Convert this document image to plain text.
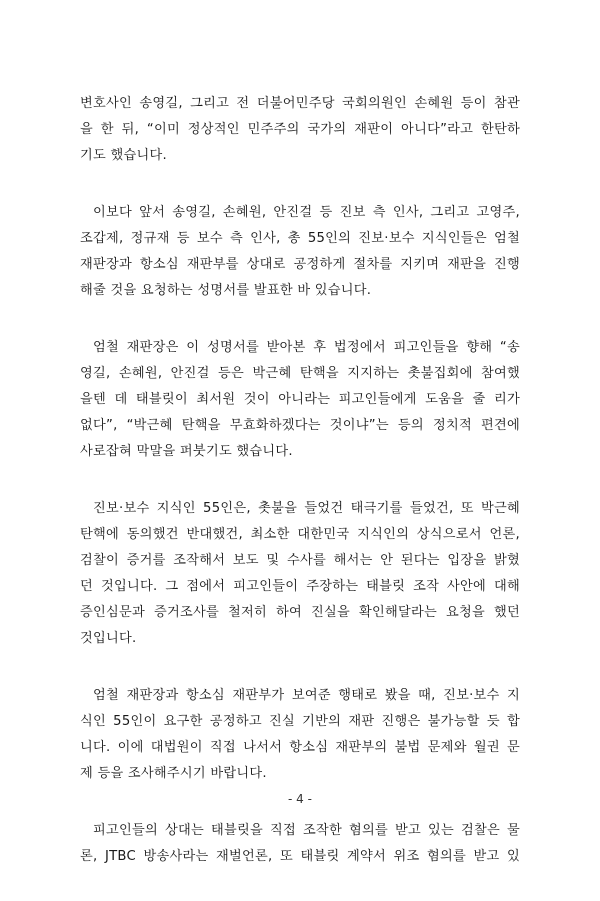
변호사인 송영길, 그리고 전 더불어민주당 국회의원인 손혜원 등이 참관
을 한 뒤, “이미 정상적인 민주주의 국가의 재판이 아니다”라고 한탄하
기도 했습니다.

이보다 앞서 송영길, 손혜원, 안진걸 등 진보 측 인사, 그리고 고영주,
조갑제, 정규재 등 보수 측 인사, 총 55인의 진보·보수 지식인들은 엄철
재판장과 항소심 재판부를 상대로 공정하게 절차를 지키며 재판을 진행
해줄 것을 요청하는 성명서를 발표한 바 있습니다.

엄철 재판장은 이 성명서를 받아본 후 법정에서 피고인들을 향해 “송
영길, 손혜원, 안진걸 등은 박근혜 탄핵을 지지하는 촛불집회에 참여했
을텐 데 태블릿이 최서원 것이 아니라는 피고인들에게 도움을 줄 리가
없다”, “박근혜 탄핵을 무효화하겠다는 것이냐”는 등의 정치적 편견에
사로잡혀 막말을 퍼붓기도 했습니다.

진보·보수 지식인 55인은, 촛불을 들었건 태극기를 들었건, 또 박근혜
탄핵에 동의했건 반대했건, 최소한 대한민국 지식인의 상식으로서 언론,
검찰이 증거를 조작해서 보도 및 수사를 해서는 안 된다는 입장을 밝혔
던 것입니다. 그 점에서 피고인들이 주장하는 태블릿 조작 사안에 대해
증인심문과 증거조사를 철저히 하여 진실을 확인해달라는 요청을 했던
것입니다.

엄철 재판장과 항소심 재판부가 보여준 행태로 봤을 때, 진보·보수 지
식인 55인이 요구한 공정하고 진실 기반의 재판 진행은 불가능할 듯 합
니다. 이에 대법원이 직접 나서서 항소심 재판부의 불법 문제와 월권 문
제 등을 조사해주시기 바랍니다.

피고인들의 상대는 태블릿을 직접 조작한 혐의를 받고 있는 검찰은 물
론, JTBC 방송사라는 재벌언론, 또 태블릿 계약서 위조 혐의를 받고 있

- 4 -
